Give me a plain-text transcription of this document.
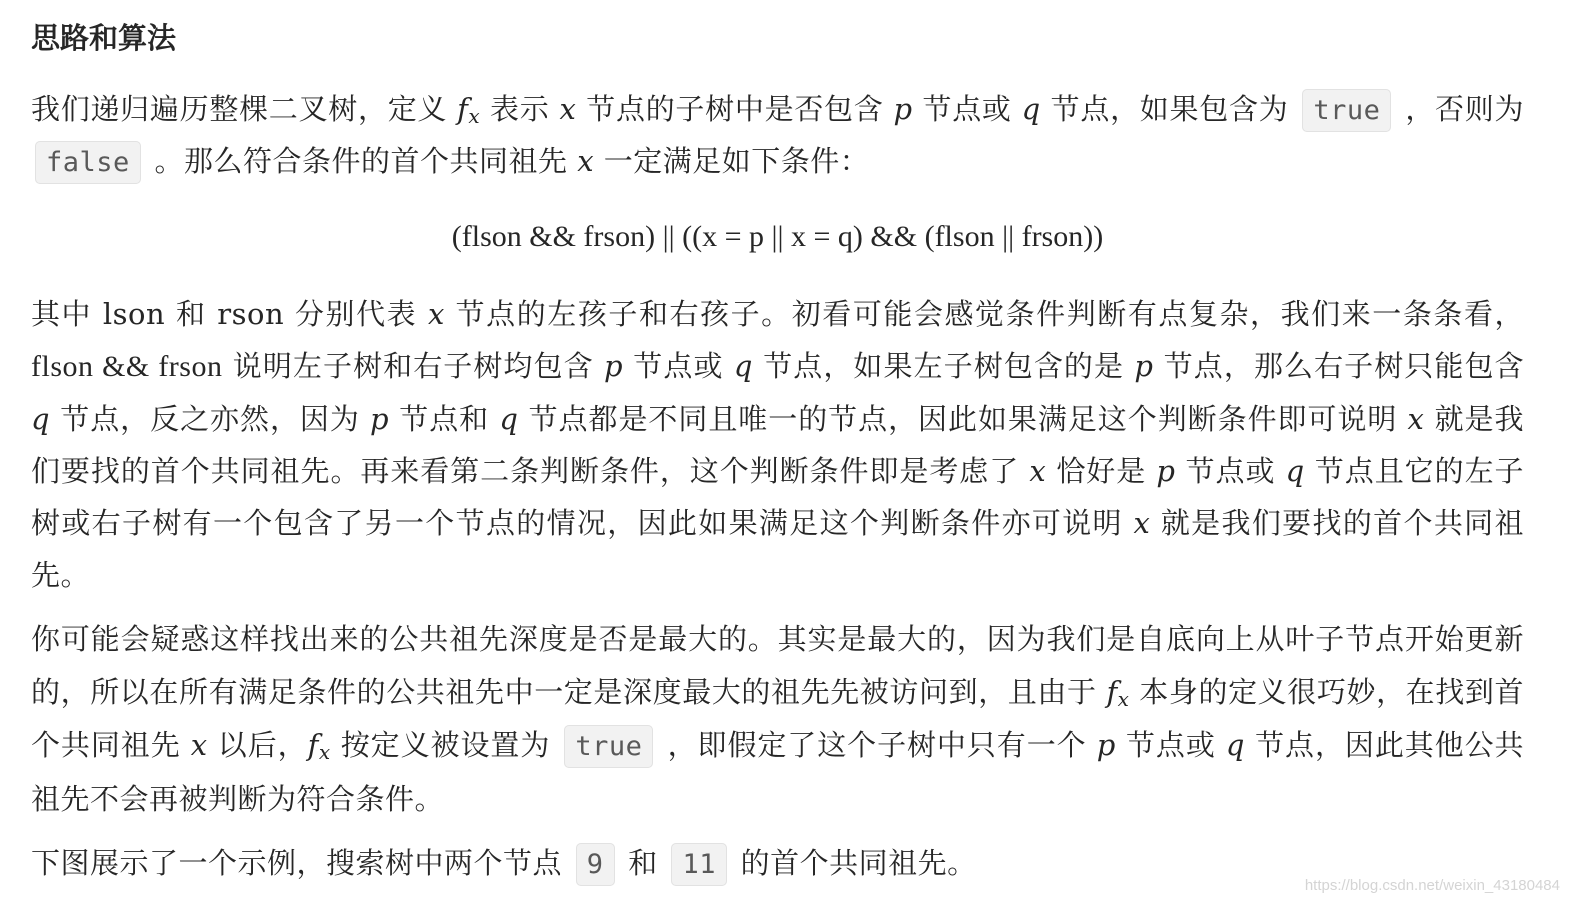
思路和算法

我们递归遍历整棵二叉树，定义 $f_x$ 表示 x 节点的子树中是否包含 p 节点或 q 节点，如果包含为 true ，否则为 false 。那么符合条件的首个共同祖先 x 一定满足如下条件：

(flson && frson) || ((x = p || x = q) && (flson || frson))

其中 lson 和 rson 分别代表 x 节点的左孩子和右孩子。初看可能会感觉条件判断有点复杂，我们来一条条看，flson && frson 说明左子树和右子树均包含 p 节点或 q 节点，如果左子树包含的是 p 节点，那么右子树只能包含 q 节点，反之亦然，因为 p 节点和 q 节点都是不同且唯一的节点，因此如果满足这个判断条件即可说明 x 就是我们要找的首个共同祖先。再来看第二条判断条件，这个判断条件即是考虑了 x 恰好是 p 节点或 q 节点且它的左子树或右子树有一个包含了另一个节点的情况，因此如果满足这个判断条件亦可说明 x 就是我们要找的首个共同祖先。

你可能会疑惑这样找出来的公共祖先深度是否是最大的。其实是最大的，因为我们是自底向上从叶子节点开始更新的，所以在所有满足条件的公共祖先中一定是深度最大的祖先先被访问到，且由于 $f_x$ 本身的定义很巧妙，在找到首个共同祖先 x 以后，$f_x$ 按定义被设置为 true ，即假定了这个子树中只有一个 p 节点或 q 节点，因此其他公共祖先不会再被判断为符合条件。

下图展示了一个示例，搜索树中两个节点 9 和 11 的首个共同祖先。

https://blog.csdn.net/weixin_43180484
